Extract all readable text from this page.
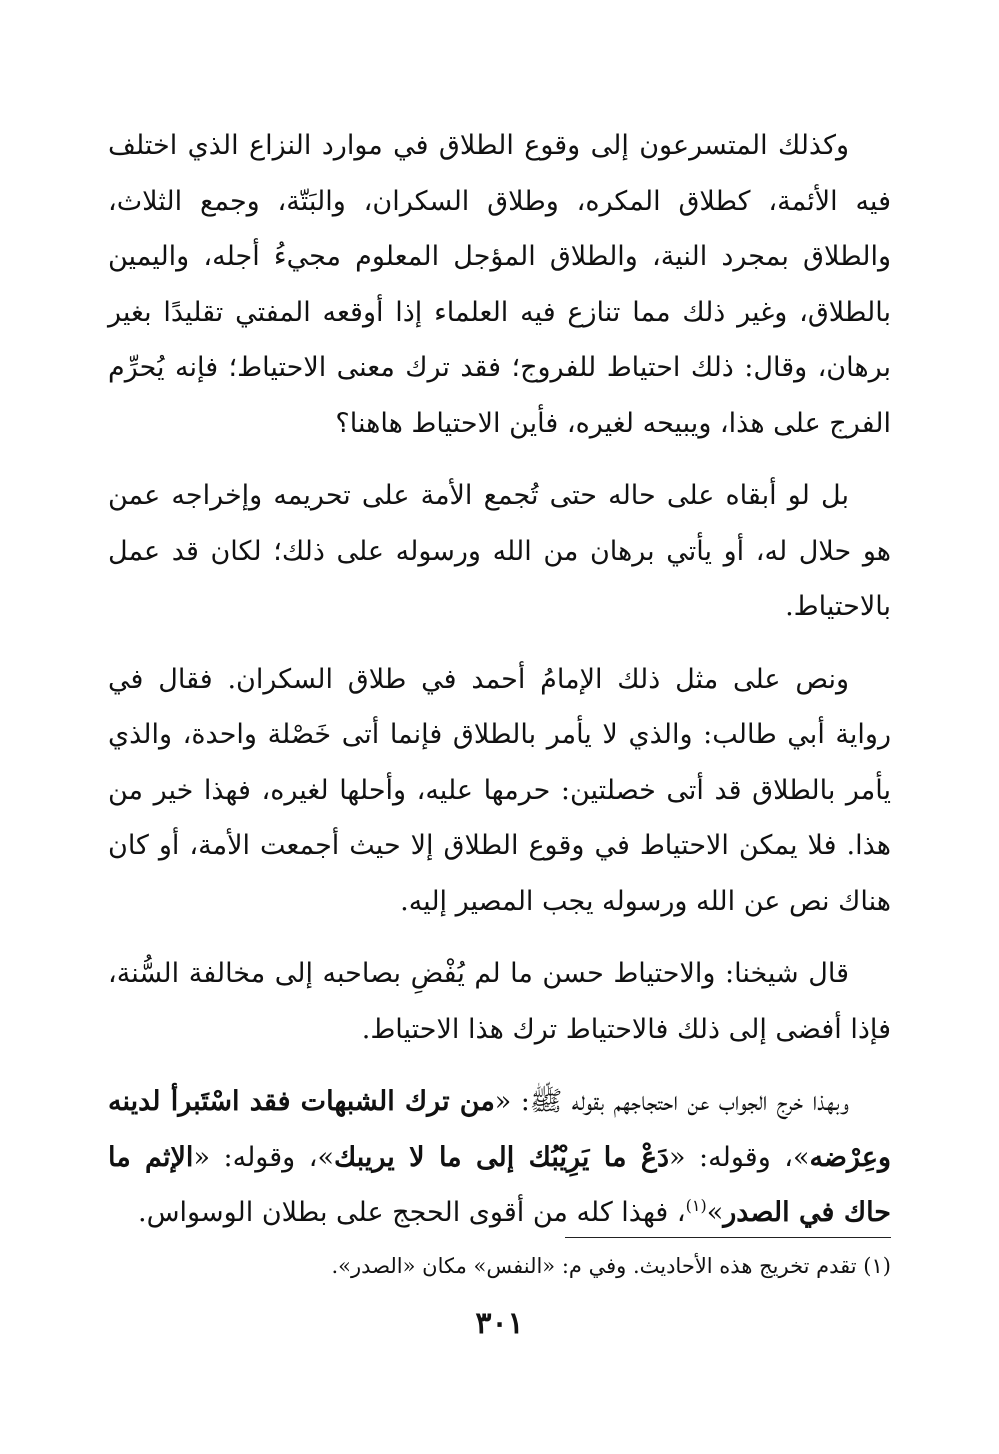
وكذلك المتسرعون إلى وقوع الطلاق في موارد النزاع الذي اختلف فيه الأئمة، كطلاق المكره، وطلاق السكران، والبَتّة، وجمع الثلاث، والطلاق بمجرد النية، والطلاق المؤجل المعلوم مجيءُ أجله، واليمين بالطلاق، وغير ذلك مما تنازع فيه العلماء إذا أوقعه المفتي تقليدًا بغير برهان، وقال: ذلك احتياط للفروج؛ فقد ترك معنى الاحتياط؛ فإنه يُحرِّم الفرج على هذا، ويبيحه لغيره، فأين الاحتياط هاهنا؟

بل لو أبقاه على حاله حتى تُجمع الأمة على تحريمه وإخراجه عمن هو حلال له، أو يأتي برهان من الله ورسوله على ذلك؛ لكان قد عمل بالاحتياط.

ونص على مثل ذلك الإمامُ أحمد في طلاق السكران. فقال في رواية أبي طالب: والذي لا يأمر بالطلاق فإنما أتى خَصْلة واحدة، والذي يأمر بالطلاق قد أتى خصلتين: حرمها عليه، وأحلها لغيره، فهذا خير من هذا. فلا يمكن الاحتياط في وقوع الطلاق إلا حيث أجمعت الأمة، أو كان هناك نص عن الله ورسوله يجب المصير إليه.

قال شيخنا: والاحتياط حسن ما لم يُفْضِ بصاحبه إلى مخالفة السُّنة، فإذا أفضى إلى ذلك فالاحتياط ترك هذا الاحتياط.

وبهذا خرج الجواب عن احتجاجهم بقوله ﷺ: «من ترك الشبهات فقد اسْتَبرأ لدينه وعِرْضه»، وقوله: «دَعْ ما يَرِيْبُك إلى ما لا يريبك»، وقوله: «الإثم ما حاك في الصدر»$^{(١)}$، فهذا كله من أقوى الحجج على بطلان الوسواس.

(١) تقدم تخريج هذه الأحاديث. وفي م: «النفس» مكان «الصدر».
٣٠١
